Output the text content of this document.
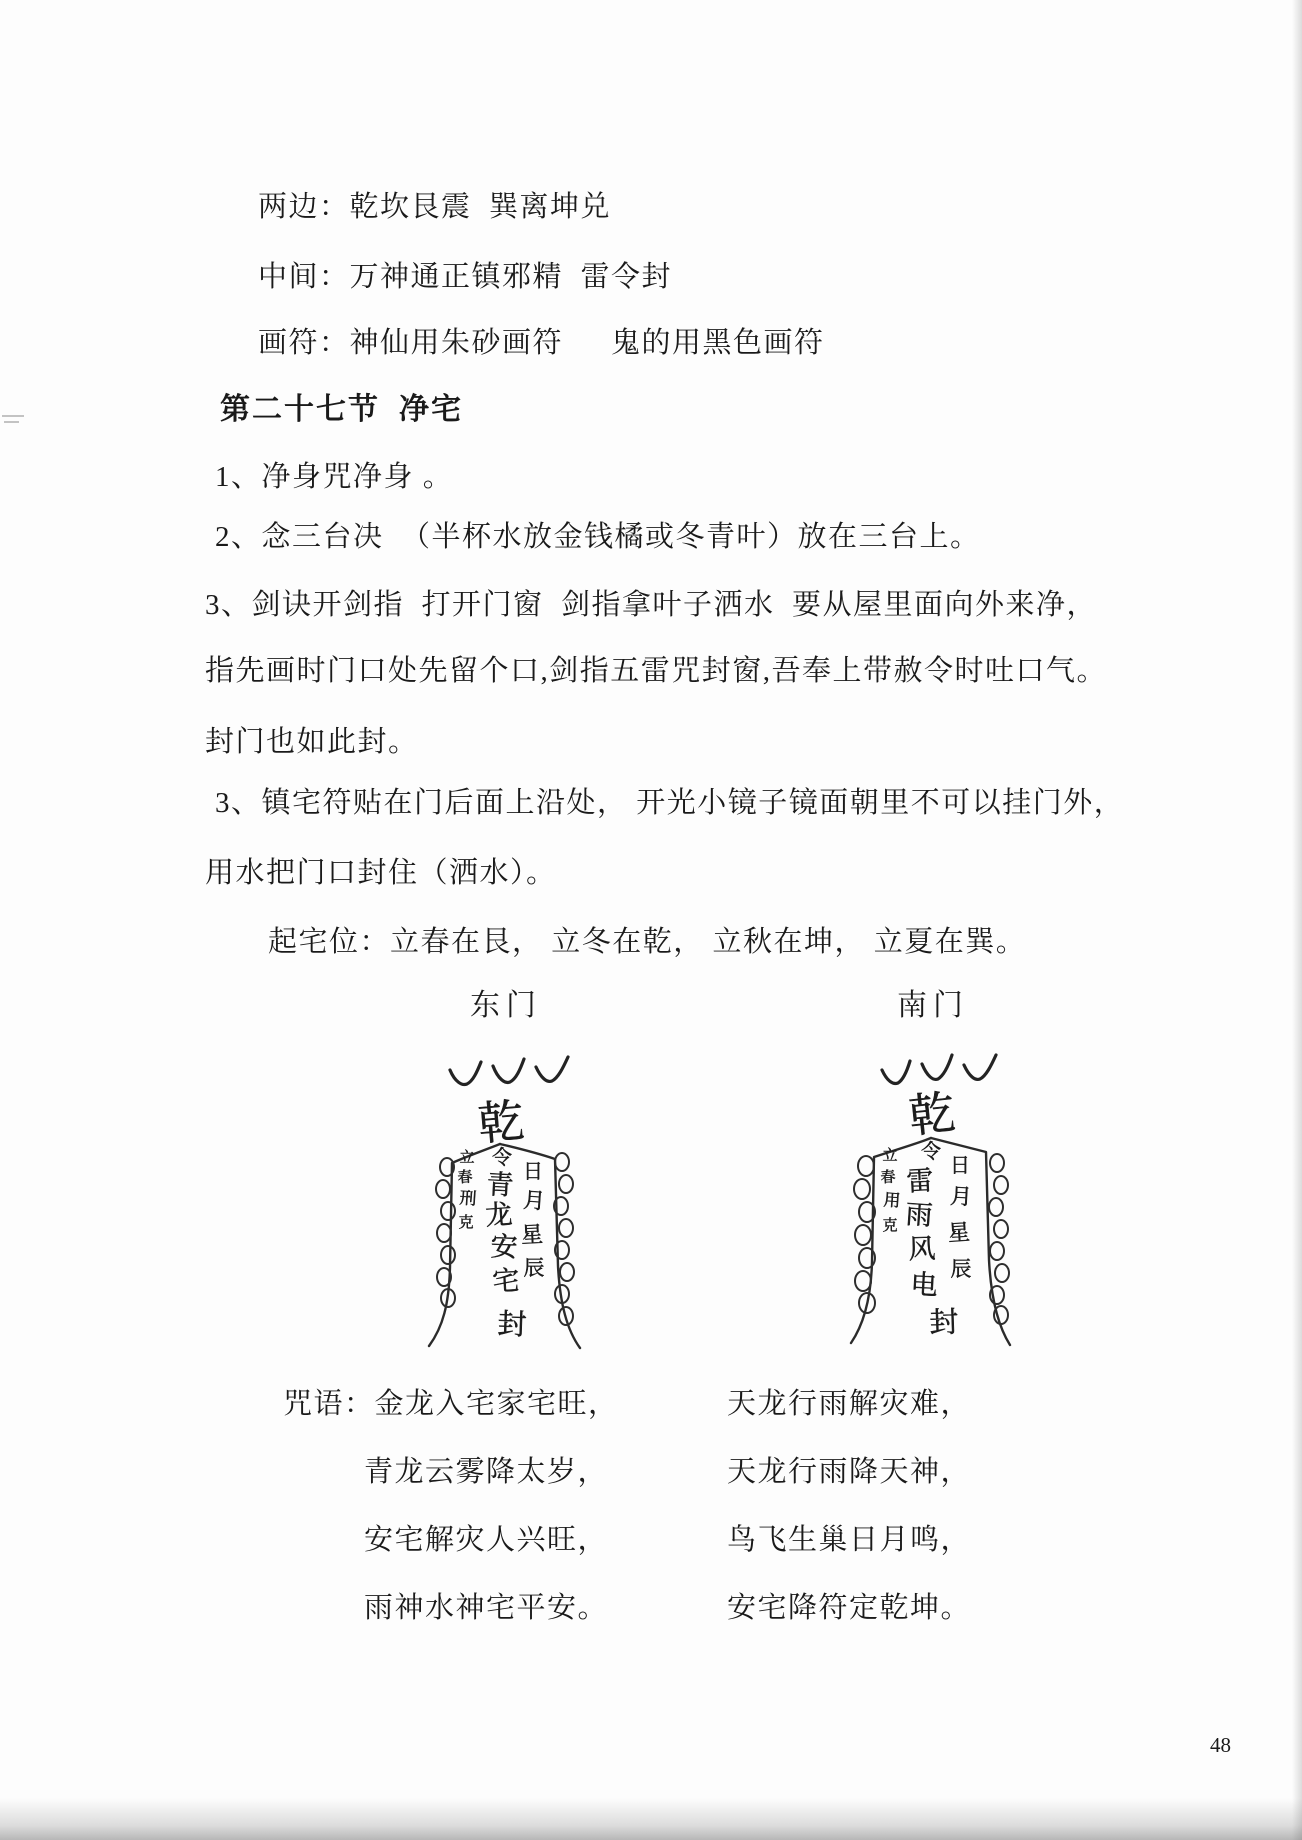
两边：乾坎艮震  巽离坤兑
中间：万神通正镇邪精  雷令封
画符：神仙用朱砂画符　  鬼的用黑色画符
第二十七节  净宅
1、净身咒净身 。
2、念三台决  （半杯水放金钱橘或冬青叶）放在三台上。
3、剑诀开剑指  打开门窗  剑指拿叶子洒水  要从屋里面向外来净，
指先画时门口处先留个口,剑指五雷咒封窗,吾奉上带赦令时吐口气。
封门也如此封。
3、镇宅符贴在门后面上沿处， 开光小镜子镜面朝里不可以挂门外，
用水把门口封住（洒水）。
起宅位：立春在艮， 立冬在乾， 立秋在坤， 立夏在巽。
东门	南门
乾
令
青
龙
安
宅
封
日
月
星
辰
立
春
刑
克
乾
令
雷
雨
风
电
封
日
月
星
辰
立
春
用
克
咒语：金龙入宅家宅旺，
青龙云雾降太岁，
安宅解灾人兴旺，
雨神水神宅平安。
天龙行雨解灾难，
天龙行雨降天神，
鸟飞生巢日月鸣，
安宅降符定乾坤。
48
